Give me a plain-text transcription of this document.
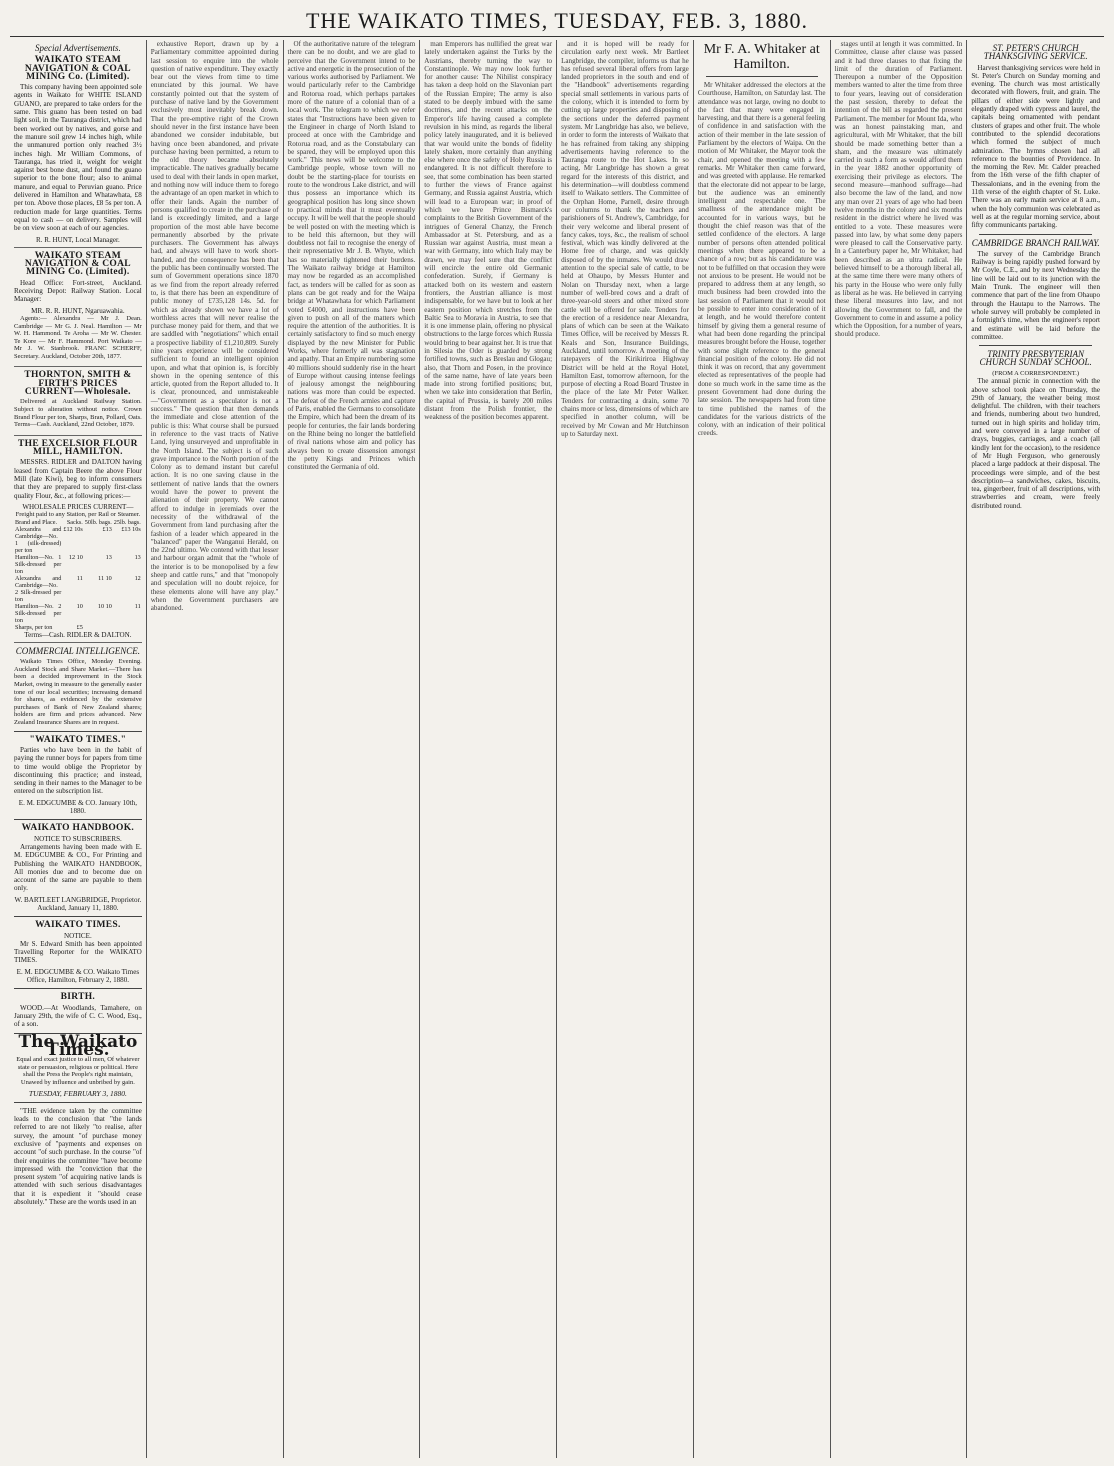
THE WAIKATO TIMES, TUESDAY, FEB. 3, 1880.
Special Advertisements.
WAIKATO STEAM NAVIGATION & COAL MINING Co. (Limited).

This company having been appointed sole agents in Waikato for WHITE ISLAND GUANO, are prepared to take orders for the same. This guano has been tested on bad light soil, in the Tauranga district, which had been worked out by natives, and gorse and the manure soil grew 14 inches high, while the unmanured portion only reached 3½ inches high. Mr William Commons, of Tauranga, has tried it, weight for weight against best bone dust, and found the guano superior to the bone flour; also to animal manure, and equal to Peruvian guano. Price delivered in Hamilton and Whatawhata, £8 per ton. Above those places, £8 5s per ton. A reduction made for large quantities. Terms equal to cash — on delivery. Samples will be on view soon at each of our agencies.

R. R. HUNT, Local Manager.
WAIKATO STEAM NAVIGATION & COAL MINING Co. (Limited).

Head Office: Fort-street, Auckland. Receiving Depot: Railway Station. Local Manager:

MR. R. R. HUNT, Ngaruawahia.

Agents:— Alexandra — Mr J. Dean. Cambridge — Mr G. J. Neal. Hamilton — Mr W. H. Hammond. Te Aroha — Mr W. Chester. Te Kore — Mr F. Hammond. Port Waikato — Mr J. W. Stanbrook. FRANC SCHERFF, Secretary. Auckland, October 20th, 1877.

THORNTON, SMITH & FIRTH'S PRICES CURRENT—Wholesale.

Delivered at Auckland Railway Station. Subject to alteration without notice. Crown Brand Flour per ton, Sharps, Bran, Pollard, Oats. Terms—Cash. Auckland, 22nd October, 1879.

THE EXCELSIOR FLOUR MILL, HAMILTON.

MESSRS. RIDLER and DALTON having leased from Captain Beere the above Flour Mill (late Kiwi), beg to inform consumers that they are prepared to supply first-class quality Flour, &c., at following prices:—

WHOLESALE PRICES CURRENT—
Freight paid to any Station, per Rail or Steamer.
Brand and Place.	Sacks.	50lb. bags.	25lb. bags.
Alexandra and Cambridge—No. 1 (silk-dressed) per ton	£12 10s	£13	£13 10s
Hamilton—No. 1 Silk-dressed per ton	12 10	13	13
Alexandra and Cambridge—No. 2 Silk-dressed per ton	11	11 10	12
Hamilton—No. 2 Silk-dressed per ton	10	10 10	11
Sharps, per ton	£5		
Terms—Cash. RIDLER & DALTON.
COMMERCIAL INTELLIGENCE.

Waikato Times Office, Monday Evening. Auckland Stock and Share Market.—There has been a decided improvement in the Stock Market, owing in measure to the generally easier tone of our local securities; increasing demand for shares, as evidenced by the extensive purchases of Bank of New Zealand shares; holders are firm and prices advanced. New Zealand Insurance Shares are in request.

"WAIKATO TIMES."

Parties who have been in the habit of paying the runner boys for papers from time to time would oblige the Proprietor by discontinuing this practice; and instead, sending in their names to the Manager to be entered on the subscription list.

E. M. EDGCUMBE & CO. January 10th, 1880.
WAIKATO HANDBOOK.
NOTICE TO SUBSCRIBERS.

Arrangements having been made with E. M. EDGCUMBE & CO., For Printing and Publishing the WAIKATO HANDBOOK, All monies due and to become due on account of the same are payable to them only.

W. BARTLEET LANGBRIDGE, Proprietor. Auckland, January 11, 1880.
WAIKATO TIMES.
NOTICE.

Mr S. Edward Smith has been appointed Travelling Reporter for the WAIKATO TIMES.

E. M. EDGCUMBE & CO. Waikato Times Office, Hamilton, February 2, 1880.
BIRTH.

WOOD.—At Woodlands, Tamahere, on January 29th, the wife of C. C. Wood, Esq., of a son.

The Waikato Times.

Equal and exact justice to all men, Of whatever state or persuasion, religious or political. Here shall the Press the People's right maintain, Unawed by influence and unbribed by gain.

TUESDAY, FEBRUARY 3, 1880.

"THE evidence taken by the committee leads to the conclusion that "the lands referred to are not likely "to realise, after survey, the amount "of purchase money exclusive of "payments and expenses on account "of such purchase. In the course "of their enquiries the committee "have become impressed with the "conviction that the present system "of acquiring native lands is attended with such serious disadvantages that it is expedient it "should cease absolutely." These are the words used in an

exhaustive Report, drawn up by a Parliamentary committee appointed during last session to enquire into the whole question of native expenditure. They exactly bear out the views from time to time enunciated by this journal. We have constantly pointed out that the system of purchase of native land by the Government exclusively most inevitably break down. That the pre-emptive right of the Crown should never in the first instance have been abandoned we consider indubitable, but having once been abandoned, and private purchase having been permitted, a return to the old theory became absolutely impracticable. The natives gradually became used to deal with their lands in open market, and nothing now will induce them to forego the advantage of an open market in which to offer their lands. Again the number of persons qualified to create in the purchase of land is exceedingly limited, and a large proportion of the most able have become permanently absorbed by the private purchasers. The Government has always had, and always will have to work short-handed, and the consequence has been that the public has been continually worsted. The sum of Government operations since 1870 as we find from the report already referred to, is that there has been an expenditure of public money of £735,128 14s. 5d. for which as already shown we have a lot of worthless acres that will never realise the purchase money paid for them, and that we are saddled with "negotiations" which entail a prospective liability of £1,210,809. Surely nine years experience will be considered sufficient to found an intelligent opinion upon, and what that opinion is, is forcibly shown in the opening sentence of this article, quoted from the Report alluded to. It is clear, pronounced, and unmistakeable—"Government as a speculator is not a success." The question that then demands the immediate and close attention of the public is this: What course shall be pursued in reference to the vast tracts of Native Land, lying unsurveyed and unprofitable in the North Island. The subject is of such grave importance to the North portion of the Colony as to demand instant but careful action. It is no one saving clause in the settlement of native lands that the owners would have the power to prevent the alienation of their property. We cannot afford to indulge in jeremiads over the necessity of the withdrawal of the Government from land purchasing after the fashion of a leader which appeared in the "balanced" paper the Wanganui Herald, on the 22nd ultimo. We contend with that lesser and harbour organ admit that the "whole of the interior is to be monopolised by a few sheep and cattle runs," and that "monopoly and speculation will no doubt rejoice, for these elements alone will have any play." when the Government purchasers are abandoned.

Of the authoritative nature of the telegram there can be no doubt, and we are glad to perceive that the Government intend to be active and energetic in the prosecution of the various works authorised by Parliament. We would particularly refer to the Cambridge and Rotorua road, which perhaps partakes more of the nature of a colonial than of a local work. The telegram to which we refer states that "Instructions have been given to the Engineer in charge of North Island to proceed at once with the Cambridge and Rotorua road, and as the Constabulary can be spared, they will be employed upon this work." This news will be welcome to the Cambridge people, whose town will no doubt be the starting-place for tourists en route to the wondrous Lake district, and will thus possess an importance which its geographical position has long since shown to practical minds that it must eventually occupy. It will be well that the people should be well posted on with the meeting which is to be held this afternoon, but they will doubtless not fail to recognise the energy of their representative Mr J. B. Whyte, which has so materially tightened their burdens. The Waikato railway bridge at Hamilton may now be regarded as an accomplished fact, as tenders will be called for as soon as plans can be got ready and for the Waipa bridge at Whatawhata for which Parliament voted £4000, and instructions have been given to push on all of the matters which require the attention of the authorities. It is certainly satisfactory to find so much energy displayed by the new Minister for Public Works, where formerly all was stagnation and apathy. That an Empire numbering some 40 millions should suddenly rise in the heart of Europe without causing intense feelings of jealousy amongst the neighbouring nations was more than could be expected. The defeat of the French armies and capture of Paris, enabled the Germans to consolidate the Empire, which had been the dream of its people for centuries, the fair lands bordering on the Rhine being no longer the battlefield of rival nations whose aim and policy has always been to create dissension amongst the petty Kings and Princes which constituted the Germania of old.

man Emperors has nullified the great war lately undertaken against the Turks by the Austrians, thereby turning the way to Constantinople. We may now look further for another cause: The Nihilist conspiracy has taken a deep hold on the Slavonian part of the Russian Empire; The army is also stated to be deeply imbued with the same doctrines, and the recent attacks on the Emperor's life having caused a complete revulsion in his mind, as regards the liberal policy lately inaugurated, and it is believed that war would unite the bonds of fidelity lately shaken, more certainly than anything else where once the safety of Holy Russia is endangered. It is not difficult therefore to see, that some combination has been started to further the views of France against Germany, and Russia against Austria, which will lead to a European war; in proof of which we have Prince Bismarck's complaints to the British Government of the intrigues of General Chanzy, the French Ambassador at St. Petersburg, and as a Russian war against Austria, must mean a war with Germany, into which Italy may be drawn, we may feel sure that the conflict will encircle the entire old Germanic confederation. Surely, if Germany is attacked both on its western and eastern frontiers, the Austrian alliance is most indispensable, for we have but to look at her eastern position which stretches from the Baltic Sea to Moravia in Austria, to see that it is one immense plain, offering no physical obstructions to the large forces which Russia would bring to bear against her. It is true that in Silesia the Oder is guarded by strong fortified towns, such as Breslau and Glogau; also, that Thorn and Posen, in the province of the same name, have of late years been made into strong fortified positions; but, when we take into consideration that Berlin, the capital of Prussia, is barely 200 miles distant from the Polish frontier, the weakness of the position becomes apparent.

and it is hoped will be ready for circulation early next week. Mr Bartleet Langbridge, the compiler, informs us that he has refused several liberal offers from large landed proprietors in the south and end of the "Handbook" advertisements regarding special small settlements in various parts of the colony, which it is intended to form by cutting up large properties and disposing of the sections under the deferred payment system. Mr Langbridge has also, we believe, in order to form the interests of Waikato that he has refrained from taking any shipping advertisements having reference to the Tauranga route to the Hot Lakes. In so acting, Mr Langbridge has shown a great regard for the interests of this district, and his determination—will doubtless commend itself to Waikato settlers. The Committee of the Orphan Home, Parnell, desire through our columns to thank the teachers and parishioners of St. Andrew's, Cambridge, for their very welcome and liberal present of fancy cakes, toys, &c., the realism of school festival, which was kindly delivered at the Home free of charge, and was quickly disposed of by the inmates. We would draw attention to the special sale of cattle, to be held at Ohaupo, by Messrs Hunter and Nolan on Thursday next, when a large number of well-bred cows and a draft of three-year-old steers and other mixed store cattle will be offered for sale. Tenders for the erection of a residence near Alexandra, plans of which can be seen at the Waikato Times Office, will be received by Messrs R. Keals and Son, Insurance Buildings, Auckland, until tomorrow. A meeting of the ratepayers of the Kirikiriroa Highway District will be held at the Royal Hotel, Hamilton East, tomorrow afternoon, for the purpose of electing a Road Board Trustee in the place of the late Mr Peter Walker. Tenders for contracting a drain, some 70 chains more or less, dimensions of which are specified in another column, will be received by Mr Cowan and Mr Hutchinson up to Saturday next.

Mr F. A. Whitaker at Hamilton.

Mr Whitaker addressed the electors at the Courthouse, Hamilton, on Saturday last. The attendance was not large, owing no doubt to the fact that many were engaged in harvesting, and that there is a general feeling of confidence in and satisfaction with the action of their member in the late session of Parliament by the electors of Waipa. On the motion of Mr Whitaker, the Mayor took the chair, and opened the meeting with a few remarks. Mr Whitaker then came forward, and was greeted with applause. He remarked that the electorate did not appear to be large, but the audience was an eminently intelligent and respectable one. The smallness of the attendance might be accounted for in various ways, but he thought the chief reason was that of the settled confidence of the electors. A large number of persons often attended political meetings when there appeared to be a chance of a row; but as his candidature was not to be fulfilled on that occasion they were not anxious to be present. He would not be prepared to address them at any length, so much business had been crowded into the last session of Parliament that it would not be possible to enter into consideration of it at length, and he would therefore content himself by giving them a general resume of what had been done regarding the principal measures brought before the House, together with some slight reference to the general financial position of the colony. He did not think it was on record, that any government elected as representatives of the people had done so much work in the same time as the present Government had done during the late session. The newspapers had from time to time published the names of the candidates for the various districts of the colony, with an indication of their political creeds.

stages until at length it was committed. In Committee, clause after clause was passed and it had three clauses to that fixing the limit of the duration of Parliament. Thereupon a number of the Opposition members wanted to alter the time from three to four years, leaving out of consideration the past session, thereby to defeat the intention of the bill as regarded the present Parliament. The member for Mount Ida, who was an honest painstaking man, and agricultural, with Mr Whitaker, that the bill should be made something better than a sham, and the measure was ultimately carried in such a form as would afford them in the year 1882 another opportunity of exercising their privilege as electors. The second measure—manhood suffrage—had also become the law of the land, and now any man over 21 years of age who had been twelve months in the colony and six months resident in the district where he lived was entitled to a vote. These measures were passed into law, by what some deny papers were pleased to call the Conservative party. In a Canterbury paper he, Mr Whitaker, had been described as an ultra radical. He believed himself to be a thorough liberal all, at the same time there were many others of his party in the House who were only fully as liberal as he was. He believed in carrying these liberal measures into law, and not allowing the Government to fall, and the Government to come in and assume a policy which the Opposition, for a number of years, should produce.

ST. PETER'S CHURCH THANKSGIVING SERVICE.

Harvest thanksgiving services were held in St. Peter's Church on Sunday morning and evening. The church was most artistically decorated with flowers, fruit, and grain. The pillars of either side were lightly and elegantly draped with cypress and laurel, the capitals being ornamented with pendant clusters of grapes and other fruit. The whole contributed to the splendid decorations which formed the subject of much admiration. The hymns chosen had all reference to the bounties of Providence. In the morning the Rev. Mr. Calder preached from the 16th verse of the fifth chapter of Thessalonians, and in the evening from the 11th verse of the eighth chapter of St. Luke. There was an early matin service at 8 a.m., when the holy communion was celebrated as well as at the regular morning service, about fifty communicants partaking.

CAMBRIDGE BRANCH RAILWAY.

The survey of the Cambridge Branch Railway is being rapidly pushed forward by Mr Coyle, C.E., and by next Wednesday the line will be laid out to its junction with the Main Trunk. The engineer will then commence that part of the line from Ohaupo through the Hautapu to the Narrows. The whole survey will probably be completed in a fortnight's time, when the engineer's report and estimate will be laid before the committee.

TRINITY PRESBYTERIAN CHURCH SUNDAY SCHOOL.
(FROM A CORRESPONDENT.)

The annual picnic in connection with the above school took place on Thursday, the 29th of January, the weather being most delightful. The children, with their teachers and friends, numbering about two hundred, turned out in high spirits and holiday trim, and were conveyed in a large number of drays, buggies, carriages, and a coach (all kindly lent for the occasion), to the residence of Mr Hugh Ferguson, who generously placed a large paddock at their disposal. The proceedings were simple, and of the best description—a sandwiches, cakes, biscuits, tea, gingerbeer, fruit of all descriptions, with strawberries and cream, were freely distributed round.
